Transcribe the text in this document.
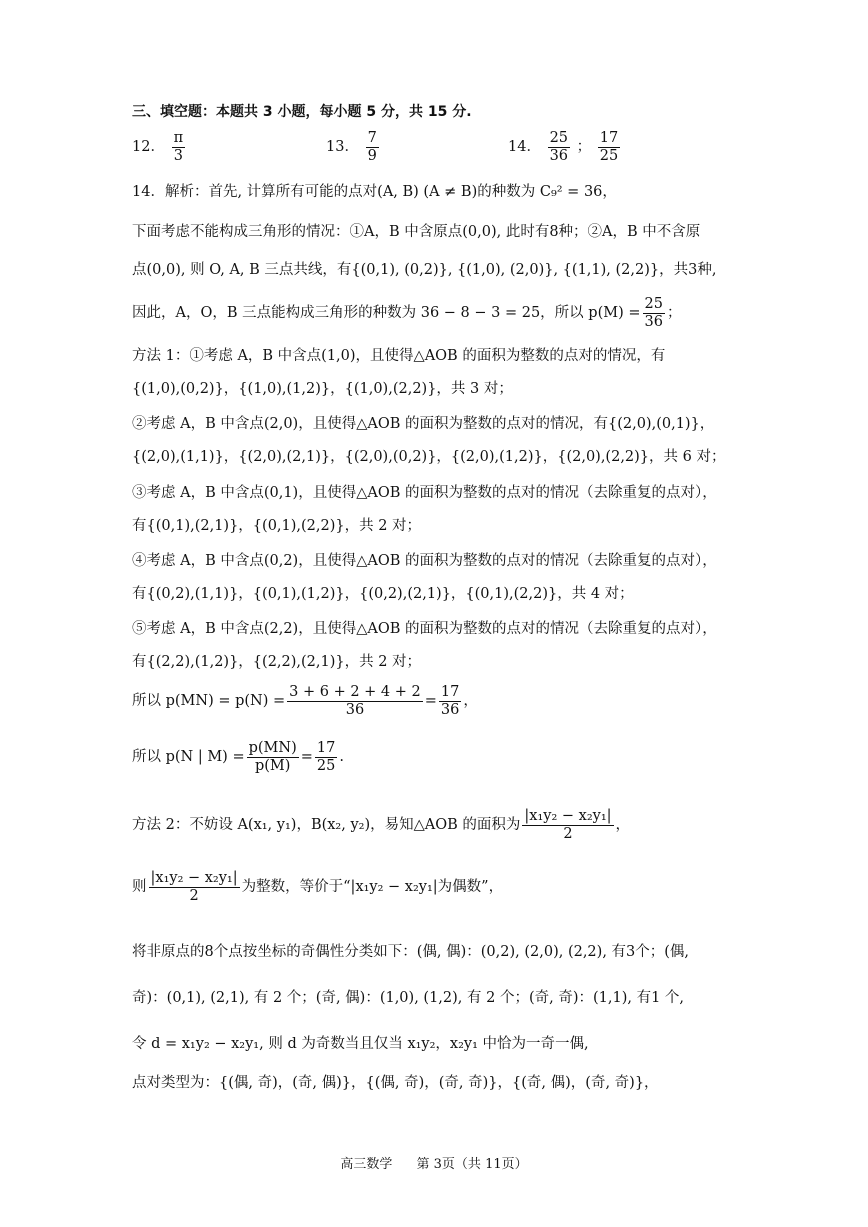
三、填空题：本题共 3 小题，每小题 5 分，共 15 分.
12． $\frac{\pi}{3}$	13． $\frac{7}{9}$	14． $\frac{25}{36}$ ； $\frac{17}{25}$
14．解析：首先, 计算所有可能的点对(A, B) (A ≠ B)的种数为 C₉² = 36，
下面考虑不能构成三角形的情况：①A，B 中含原点(0,0), 此时有8种；②A，B 中不含原
点(0,0), 则 O, A, B 三点共线，有{(0,1), (0,2)}, {(1,0), (2,0)}, {(1,1), (2,2)}，共3种,
因此，A，O，B 三点能构成三角形的种数为 36 − 8 − 3 = 25，所以 $p(M) = \frac{25}{36}$ ；
方法 1：①考虑 A，B 中含点(1,0)，且使得△AOB 的面积为整数的点对的情况，有
{(1,0),(0,2)}，{(1,0),(1,2)}，{(1,0),(2,2)}，共 3 对；
②考虑 A，B 中含点(2,0)，且使得△AOB 的面积为整数的点对的情况，有{(2,0),(0,1)}，
{(2,0),(1,1)}，{(2,0),(2,1)}，{(2,0),(0,2)}，{(2,0),(1,2)}，{(2,0),(2,2)}，共 6 对；
③考虑 A，B 中含点(0,1)，且使得△AOB 的面积为整数的点对的情况（去除重复的点对），
有{(0,1),(2,1)}，{(0,1),(2,2)}，共 2 对；
④考虑 A，B 中含点(0,2)，且使得△AOB 的面积为整数的点对的情况（去除重复的点对），
有{(0,2),(1,1)}，{(0,1),(1,2)}，{(0,2),(2,1)}，{(0,1),(2,2)}，共 4 对；
⑤考虑 A，B 中含点(2,2)，且使得△AOB 的面积为整数的点对的情况（去除重复的点对），
有{(2,2),(1,2)}，{(2,2),(2,1)}，共 2 对；
所以 $p(MN) = p(N) = \frac{3 + 6 + 2 + 4 + 2}{36} = \frac{17}{36}$ ，
所以 p(N | $M) = \frac{p(MN)}{p(M)} = \frac{17}{25}$ .
方法 2：不妨设 A(x₁, y₁)，B(x₂, y₂)，易知△AOB 的面积为 $\frac{\text{|x₁y₂ − x₂y₁|}}{2}$ ，
则 $\frac{\text{|x₁y₂ − x₂y₁|}}{2}$ 为整数，等价于“|x₁y₂ − x₂y₁|为偶数”，
将非原点的8个点按坐标的奇偶性分类如下：(偶, 偶)：(0,2), (2,0), (2,2), 有3个；(偶,
奇)：(0,1), (2,1), 有 2 个；(奇, 偶)：(1,0), (1,2), 有 2 个；(奇, 奇)：(1,1), 有1 个,
令 d = x₁y₂ − x₂y₁, 则 d 为奇数当且仅当 x₁y₂，x₂y₁ 中恰为一奇一偶,
点对类型为：{(偶, 奇)，(奇, 偶)}，{(偶, 奇)，(奇, 奇)}，{(奇, 偶)，(奇, 奇)}，
高三数学 第 3页（共 11页）
